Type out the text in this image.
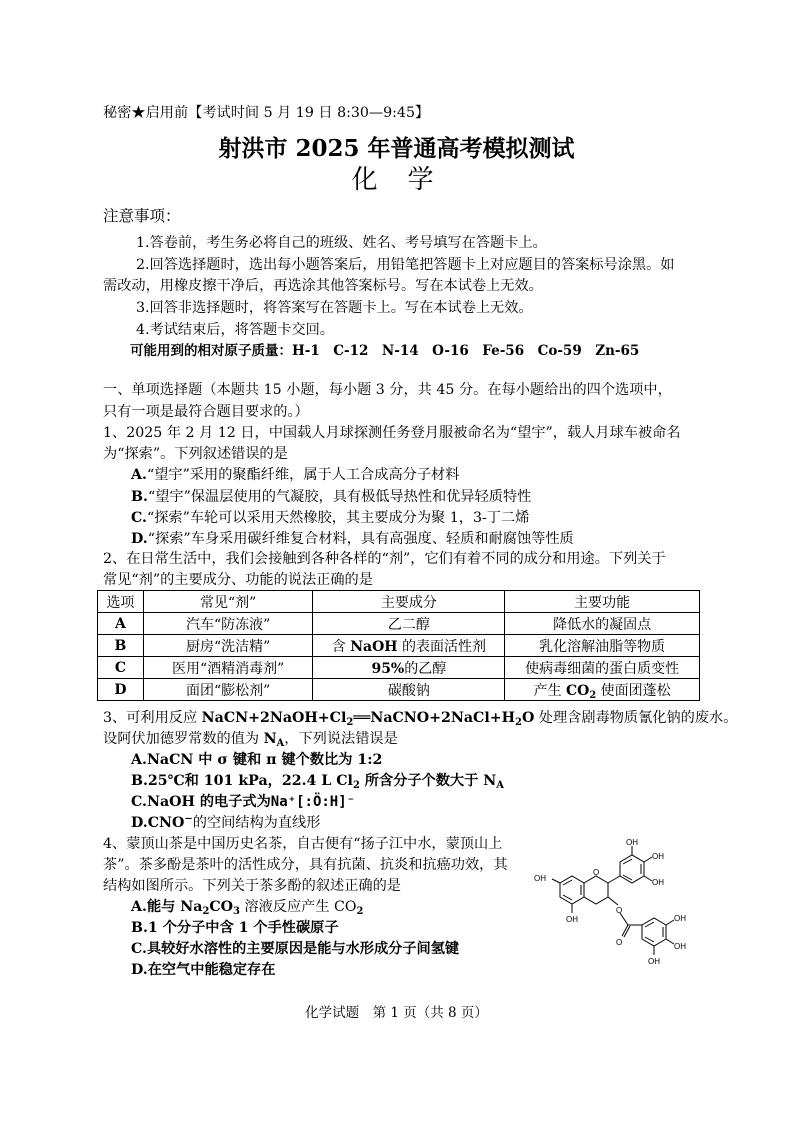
秘密★启用前【考试时间 5 月 19 日 8:30—9:45】
射洪市 2025 年普通高考模拟测试
化学
注意事项：
1.答卷前，考生务必将自己的班级、姓名、考号填写在答题卡上。
2.回答选择题时，选出每小题答案后，用铅笔把答题卡上对应题目的答案标号涂黑。如
需改动，用橡皮擦干净后，再选涂其他答案标号。写在本试卷上无效。
3.回答非选择题时，将答案写在答题卡上。写在本试卷上无效。
4.考试结束后，将答题卡交回。
可能用到的相对原子质量：H-1　C-12　N-14　O-16　Fe-56　Co-59　Zn-65
一、单项选择题（本题共 15 小题，每小题 3 分，共 45 分。在每小题给出的四个选项中，
只有一项是最符合题目要求的。）
1、2025 年 2 月 12 日，中国载人月球探测任务登月服被命名为“望宇”，载人月球车被命名
为“探索”。下列叙述错误的是
A.“望宇”采用的聚酯纤维，属于人工合成高分子材料
B.“望宇”保温层使用的气凝胶，具有极低导热性和优异轻质特性
C.“探索”车轮可以采用天然橡胶，其主要成分为聚 1，3-丁二烯
D.“探索”车身采用碳纤维复合材料，具有高强度、轻质和耐腐蚀等性质
2、在日常生活中，我们会接触到各种各样的“剂”，它们有着不同的成分和用途。下列关于
常见“剂”的主要成分、功能的说法正确的是
选项	常见“剂”	主要成分	主要功能
A	汽车“防冻液”	乙二醇	降低水的凝固点
B	厨房“洗洁精”	含 NaOH 的表面活性剂	乳化溶解油脂等物质
C	医用“酒精消毒剂”	95%的乙醇	使病毒细菌的蛋白质变性
D	面团“膨松剂”	碳酸钠	产生 $CO_2$ 使面团蓬松
3、可利用反应 $NaCN+2NaOH+Cl_2══NaCNO+2NaCl+H_2O$ 处理含剧毒物质氰化钠的废水。
设阿伏加德罗常数的值为 $N_A$，下列说法错误是
A.NaCN 中 σ 键和 π 键个数比为 1:2
B.25℃和 101 kPa，22.4 L $Cl_2$ 所含分子个数大于 $N_A$
C.NaOH 的电子式为Na⁺[:Ö:H]⁻
D.CNO−的空间结构为直线形
4、蒙顶山茶是中国历史名茶，自古便有“扬子江中水，蒙顶山上
茶”。茶多酚是茶叶的活性成分，具有抗菌、抗炎和抗癌功效，其
结构如图所示。下列关于茶多酚的叙述正确的是
A.能与 $Na_2CO_3$ 溶液反应产生 $CO_2$
B.1 个分子中含 1 个手性碳原子
C.具较好水溶性的主要原因是能与水形成分子间氢键
D.在空气中能稳定存在
OH
OH
OH
OH
OH
O
O
O
OH
OH
OH
化学试题　第 1 页（共 8 页）
